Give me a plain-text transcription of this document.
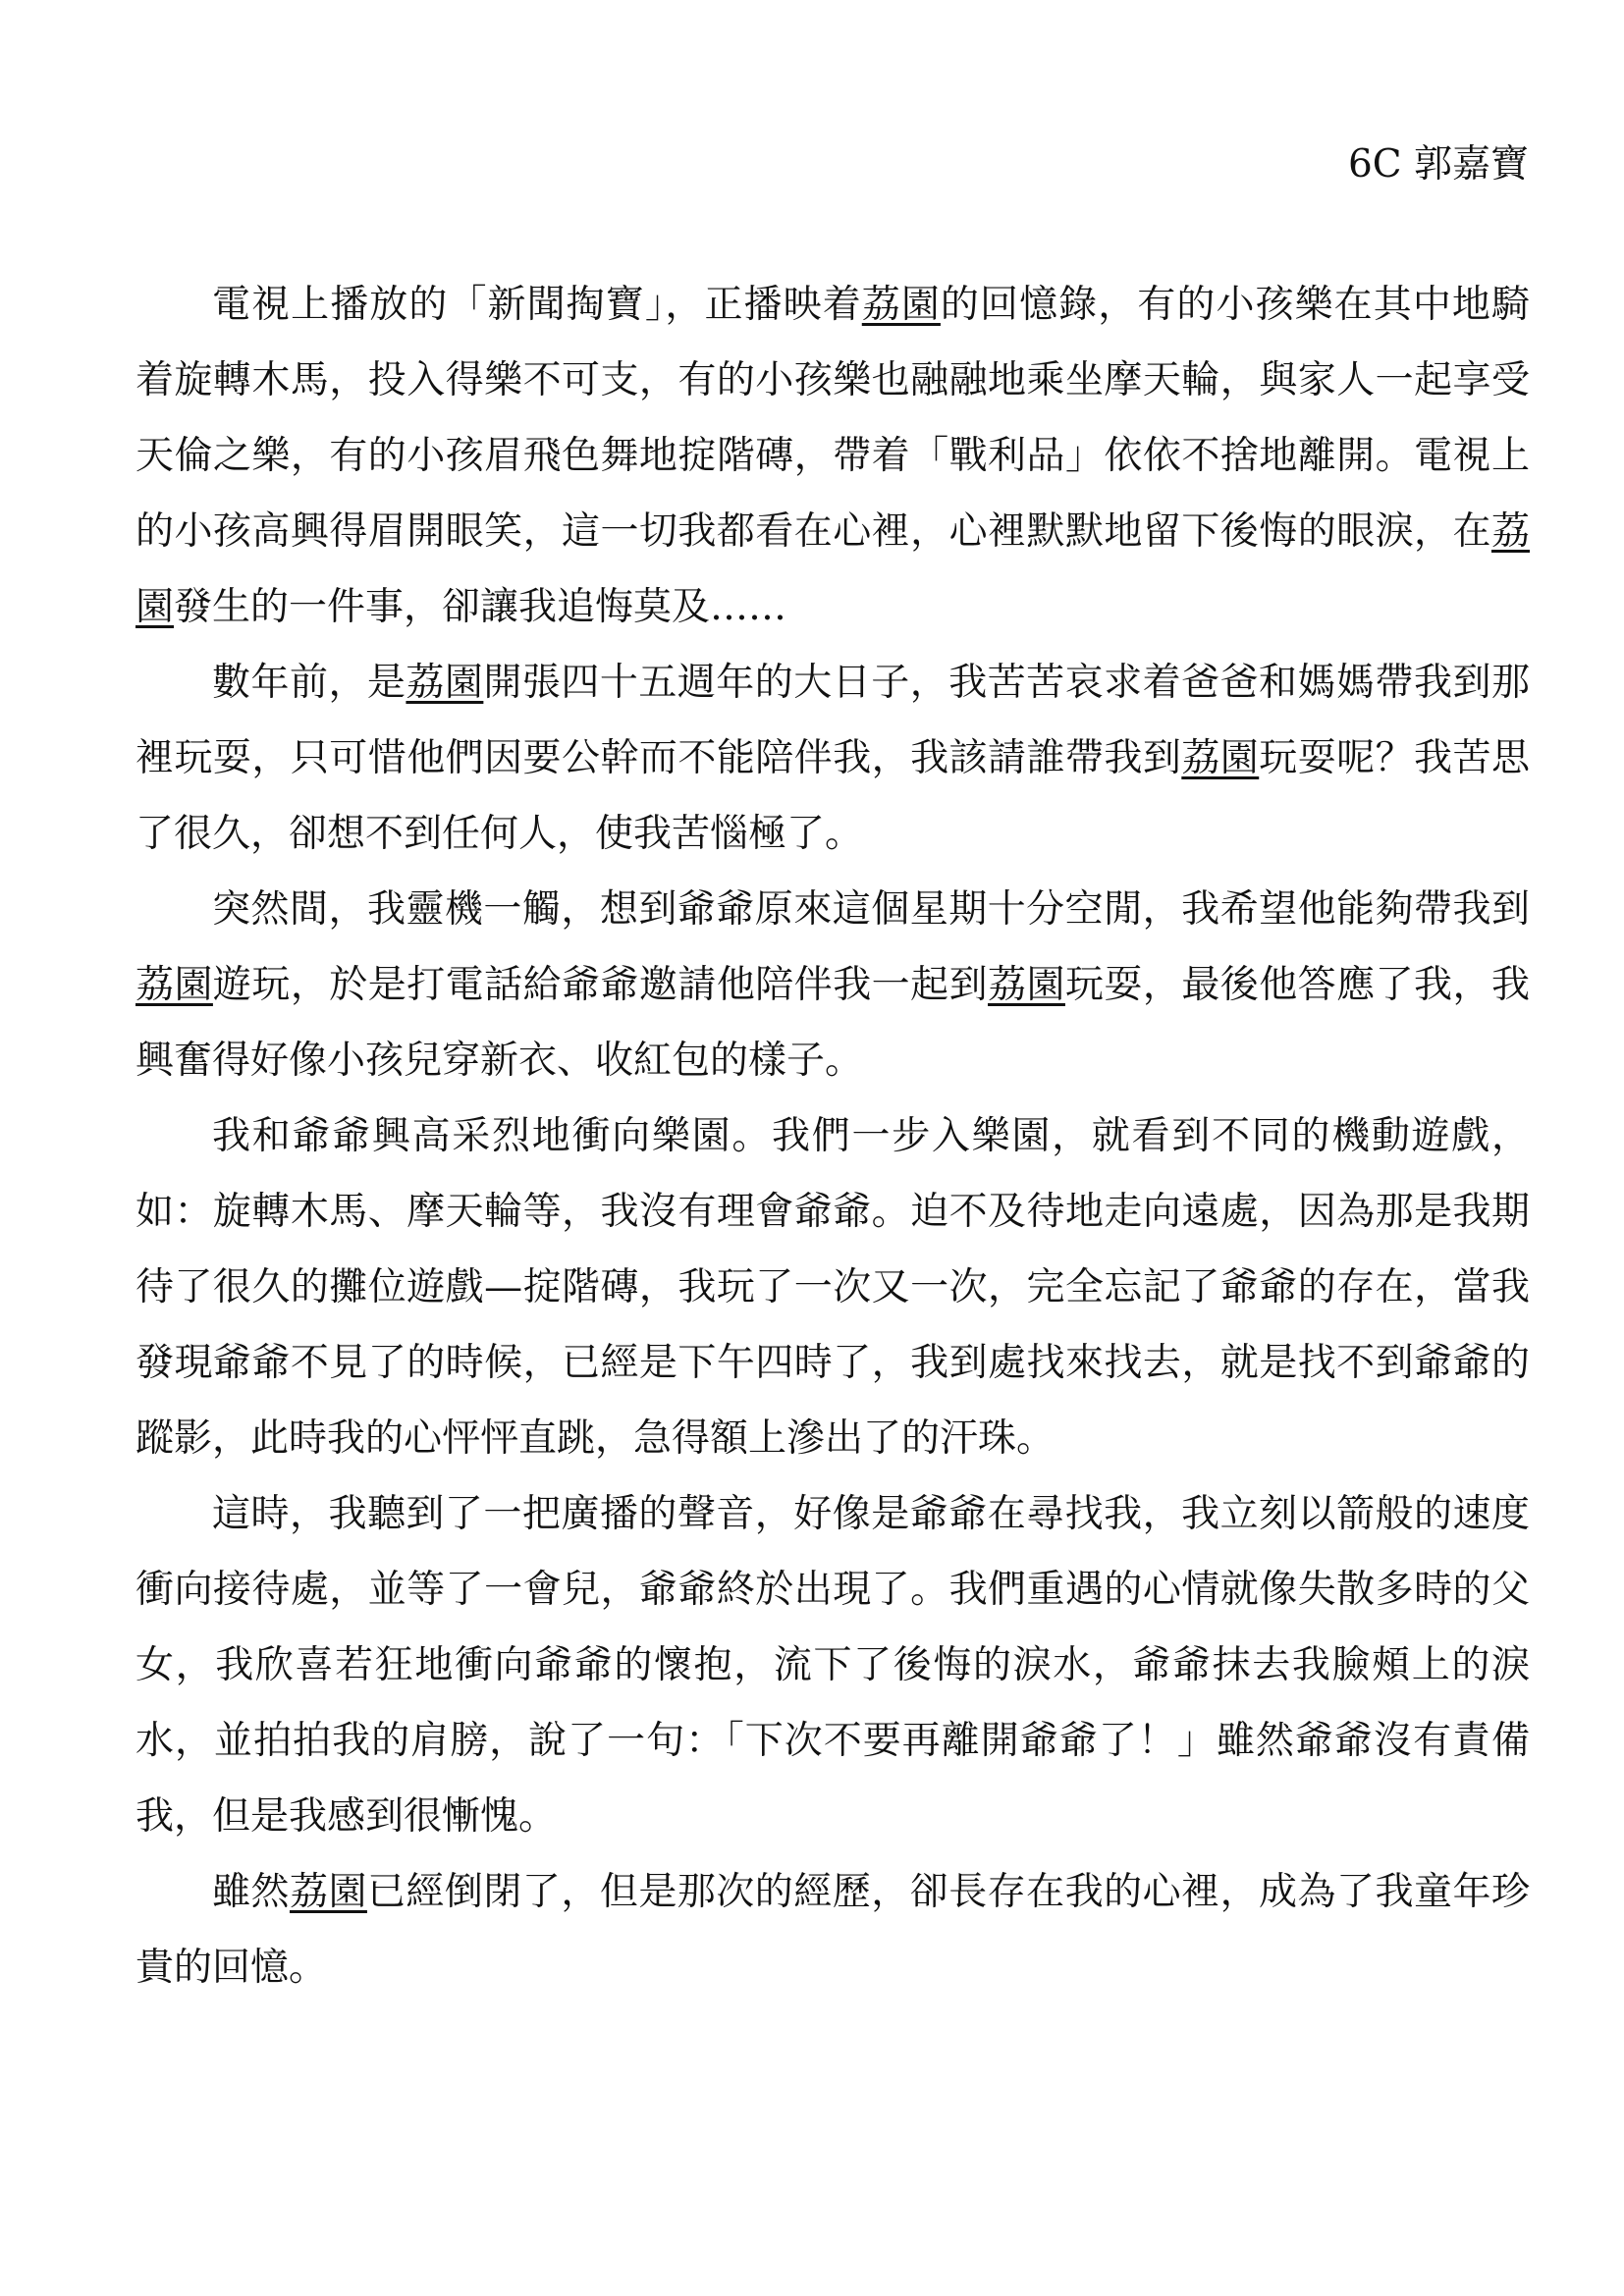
6C 郭嘉寶

電視上播放的「新聞掏寶」，正播映着荔園的回憶錄，有的小孩樂在其中地騎着旋轉木馬，投入得樂不可支，有的小孩樂也融融地乘坐摩天輪，與家人一起享受天倫之樂，有的小孩眉飛色舞地掟階磚，帶着「戰利品」依依不捨地離開。電視上的小孩高興得眉開眼笑，這一切我都看在心裡，心裡默默地留下後悔的眼淚，在荔園發生的一件事，卻讓我追悔莫及……

數年前，是荔園開張四十五週年的大日子，我苦苦哀求着爸爸和媽媽帶我到那裡玩耍，只可惜他們因要公幹而不能陪伴我，我該請誰帶我到荔園玩耍呢？我苦思了很久，卻想不到任何人，使我苦惱極了。

突然間，我靈機一觸，想到爺爺原來這個星期十分空閒，我希望他能夠帶我到荔園遊玩，於是打電話給爺爺邀請他陪伴我一起到荔園玩耍，最後他答應了我，我興奮得好像小孩兒穿新衣、收紅包的樣子。

我和爺爺興高采烈地衝向樂園。我們一步入樂園，就看到不同的機動遊戲，如：旋轉木馬、摩天輪等，我沒有理會爺爺。迫不及待地走向遠處，因為那是我期待了很久的攤位遊戲—掟階磚，我玩了一次又一次，完全忘記了爺爺的存在，當我發現爺爺不見了的時候，已經是下午四時了，我到處找來找去，就是找不到爺爺的蹤影，此時我的心怦怦直跳，急得額上滲出了的汗珠。

這時，我聽到了一把廣播的聲音，好像是爺爺在尋找我，我立刻以箭般的速度衝向接待處，並等了一會兒，爺爺終於出現了。我們重遇的心情就像失散多時的父女，我欣喜若狂地衝向爺爺的懷抱，流下了後悔的淚水，爺爺抹去我臉頰上的淚水，並拍拍我的肩膀，說了一句：「下次不要再離開爺爺了！」雖然爺爺沒有責備我，但是我感到很慚愧。

雖然荔園已經倒閉了，但是那次的經歷，卻長存在我的心裡，成為了我童年珍貴的回憶。
